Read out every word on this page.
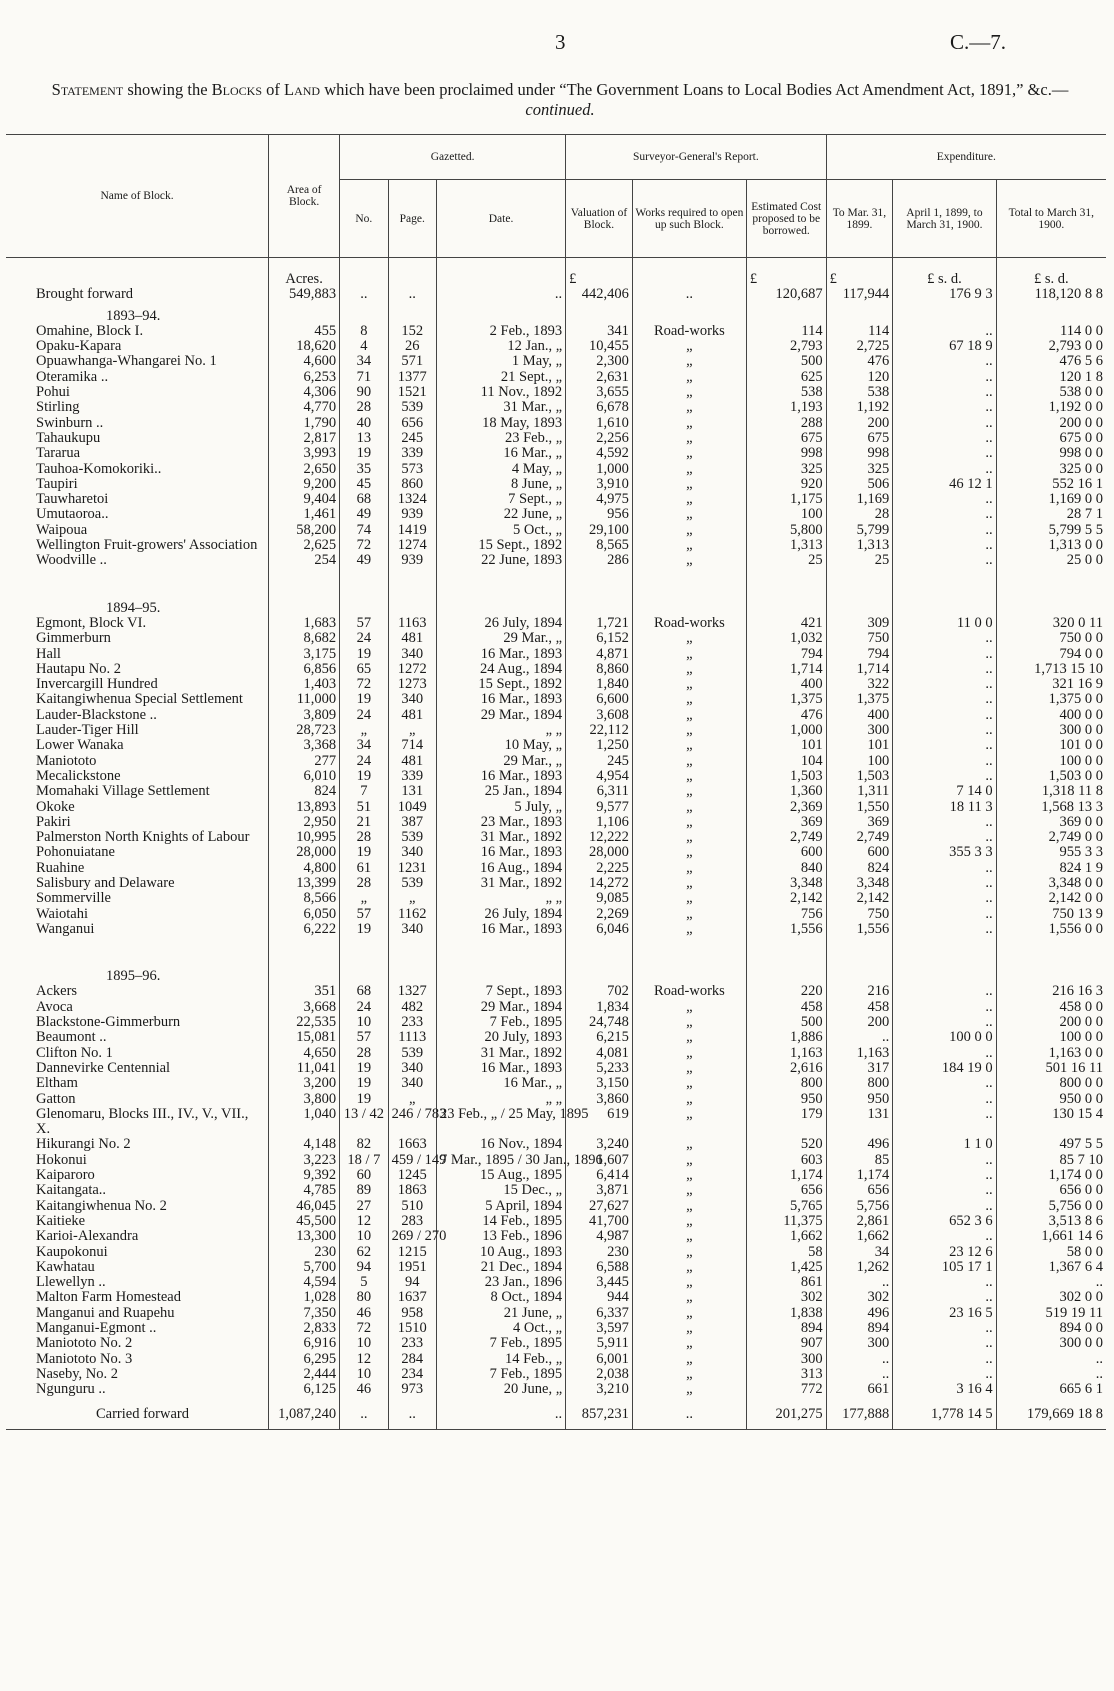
3	C.—7.
Statement showing the Blocks of Land which have been proclaimed under “The Government Loans to Local Bodies Act Amendment Act, 1891,” &c.—continued.
Name of Block.	Area of Block.	Gazetted.			Surveyor-General's Report.			Expenditure.		
		No.	Page.	Date.	Valuation of Block.	Works required to open up such Block.	Estimated Cost proposed to be borrowed.	To Mar. 31, 1899.	April 1, 1899, to March 31, 1900.	Total to March 31, 1900.
	Acres.				£		£	£	£ s. d.	£ s. d.
Brought forward	549,883	..	..	..	442,406	..	120,687	117,944	176 9 3	118,120 8 8
1893–94.										
Omahine, Block I.	455	8	152	2 Feb., 1893	341	Road-works	114	114	..	114 0 0
Opaku-Kapara	18,620	4	26	12 Jan., „	10,455	„	2,793	2,725	67 18 9	2,793 0 0
Opuawhanga-Whangarei No. 1	4,600	34	571	1 May, „	2,300	„	500	476	..	476 5 6
Oteramika ..	6,253	71	1377	21 Sept., „	2,631	„	625	120	..	120 1 8
Pohui	4,306	90	1521	11 Nov., 1892	3,655	„	538	538	..	538 0 0
Stirling	4,770	28	539	31 Mar., „	6,678	„	1,193	1,192	..	1,192 0 0
Swinburn ..	1,790	40	656	18 May, 1893	1,610	„	288	200	..	200 0 0
Tahaukupu	2,817	13	245	23 Feb., „	2,256	„	675	675	..	675 0 0
Tararua	3,993	19	339	16 Mar., „	4,592	„	998	998	..	998 0 0
Tauhoa-Komokoriki..	2,650	35	573	4 May, „	1,000	„	325	325	..	325 0 0
Taupiri	9,200	45	860	8 June, „	3,910	„	920	506	46 12 1	552 16 1
Tauwharetoi	9,404	68	1324	7 Sept., „	4,975	„	1,175	1,169	..	1,169 0 0
Umutaoroa..	1,461	49	939	22 June, „	956	„	100	28	..	28 7 1
Waipoua	58,200	74	1419	5 Oct., „	29,100	„	5,800	5,799	..	5,799 5 5
Wellington Fruit-growers' Association	2,625	72	1274	15 Sept., 1892	8,565	„	1,313	1,313	..	1,313 0 0
Woodville ..	254	49	939	22 June, 1893	286	„	25	25	..	25 0 0

1894–95.										
Egmont, Block VI.	1,683	57	1163	26 July, 1894	1,721	Road-works	421	309	11 0 0	320 0 11
Gimmerburn	8,682	24	481	29 Mar., „	6,152	„	1,032	750	..	750 0 0
Hall	3,175	19	340	16 Mar., 1893	4,871	„	794	794	..	794 0 0
Hautapu No. 2	6,856	65	1272	24 Aug., 1894	8,860	„	1,714	1,714	..	1,713 15 10
Invercargill Hundred	1,403	72	1273	15 Sept., 1892	1,840	„	400	322	..	321 16 9
Kaitangiwhenua Special Settlement	11,000	19	340	16 Mar., 1893	6,600	„	1,375	1,375	..	1,375 0 0
Lauder-Blackstone ..	3,809	24	481	29 Mar., 1894	3,608	„	476	400	..	400 0 0
Lauder-Tiger Hill	28,723	„	„	„ „	22,112	„	1,000	300	..	300 0 0
Lower Wanaka	3,368	34	714	10 May, „	1,250	„	101	101	..	101 0 0
Maniototo	277	24	481	29 Mar., „	245	„	104	100	..	100 0 0
Mecalickstone	6,010	19	339	16 Mar., 1893	4,954	„	1,503	1,503	..	1,503 0 0
Momahaki Village Settlement	824	7	131	25 Jan., 1894	6,311	„	1,360	1,311	7 14 0	1,318 11 8
Okoke	13,893	51	1049	5 July, „	9,577	„	2,369	1,550	18 11 3	1,568 13 3
Pakiri	2,950	21	387	23 Mar., 1893	1,106	„	369	369	..	369 0 0
Palmerston North Knights of Labour	10,995	28	539	31 Mar., 1892	12,222	„	2,749	2,749	..	2,749 0 0
Pohonuiatane	28,000	19	340	16 Mar., 1893	28,000	„	600	600	355 3 3	955 3 3
Ruahine	4,800	61	1231	16 Aug., 1894	2,225	„	840	824	..	824 1 9
Salisbury and Delaware	13,399	28	539	31 Mar., 1892	14,272	„	3,348	3,348	..	3,348 0 0
Sommerville	8,566	„	„	„ „	9,085	„	2,142	2,142	..	2,142 0 0
Waiotahi	6,050	57	1162	26 July, 1894	2,269	„	756	750	..	750 13 9
Wanganui	6,222	19	340	16 Mar., 1893	6,046	„	1,556	1,556	..	1,556 0 0

1895–96.										
Ackers	351	68	1327	7 Sept., 1893	702	Road-works	220	216	..	216 16 3
Avoca	3,668	24	482	29 Mar., 1894	1,834	„	458	458	..	458 0 0
Blackstone-Gimmerburn	22,535	10	233	7 Feb., 1895	24,748	„	500	200	..	200 0 0
Beaumont ..	15,081	57	1113	20 July, 1893	6,215	„	1,886	..	100 0 0	100 0 0
Clifton No. 1	4,650	28	539	31 Mar., 1892	4,081	„	1,163	1,163	..	1,163 0 0
Dannevirke Centennial	11,041	19	340	16 Mar., 1893	5,233	„	2,616	317	184 19 0	501 16 11
Eltham	3,200	19	340	16 Mar., „	3,150	„	800	800	..	800 0 0
Gatton	3,800	19	„	„ „	3,860	„	950	950	..	950 0 0
Glenomaru, Blocks III., IV., V., VII., X.	1,040	13 / 42	246 / 783	23 Feb., „ / 25 May, 1895	619	„	179	131	..	130 15 4
Hikurangi No. 2	4,148	82	1663	16 Nov., 1894	3,240	„	520	496	1 1 0	497 5 5
Hokonui	3,223	18 / 7	459 / 149	7 Mar., 1895 / 30 Jan., 1896	1,607	„	603	85	..	85 7 10
Kaiparoro	9,392	60	1245	15 Aug., 1895	6,414	„	1,174	1,174	..	1,174 0 0
Kaitangata..	4,785	89	1863	15 Dec., „	3,871	„	656	656	..	656 0 0
Kaitangiwhenua No. 2	46,045	27	510	5 April, 1894	27,627	„	5,765	5,756	..	5,756 0 0
Kaitieke	45,500	12	283	14 Feb., 1895	41,700	„	11,375	2,861	652 3 6	3,513 8 6
Karioi-Alexandra	13,300	10	269 / 270	13 Feb., 1896	4,987	„	1,662	1,662	..	1,661 14 6
Kaupokonui	230	62	1215	10 Aug., 1893	230	„	58	34	23 12 6	58 0 0
Kawhatau	5,700	94	1951	21 Dec., 1894	6,588	„	1,425	1,262	105 17 1	1,367 6 4
Llewellyn ..	4,594	5	94	23 Jan., 1896	3,445	„	861	..	..	..
Malton Farm Homestead	1,028	80	1637	8 Oct., 1894	944	„	302	302	..	302 0 0
Manganui and Ruapehu	7,350	46	958	21 June, „	6,337	„	1,838	496	23 16 5	519 19 11
Manganui-Egmont ..	2,833	72	1510	4 Oct., „	3,597	„	894	894	..	894 0 0
Maniototo No. 2	6,916	10	233	7 Feb., 1895	5,911	„	907	300	..	300 0 0
Maniototo No. 3	6,295	12	284	14 Feb., „	6,001	„	300	..	..	..
Naseby, No. 2	2,444	10	234	7 Feb., 1895	2,038	„	313	..	..	..
Ngunguru ..	6,125	46	973	20 June, „	3,210	„	772	661	3 16 4	665 6 1
Carried forward	1,087,240	..	..	..	857,231	..	201,275	177,888	1,778 14 5	179,669 18 8
